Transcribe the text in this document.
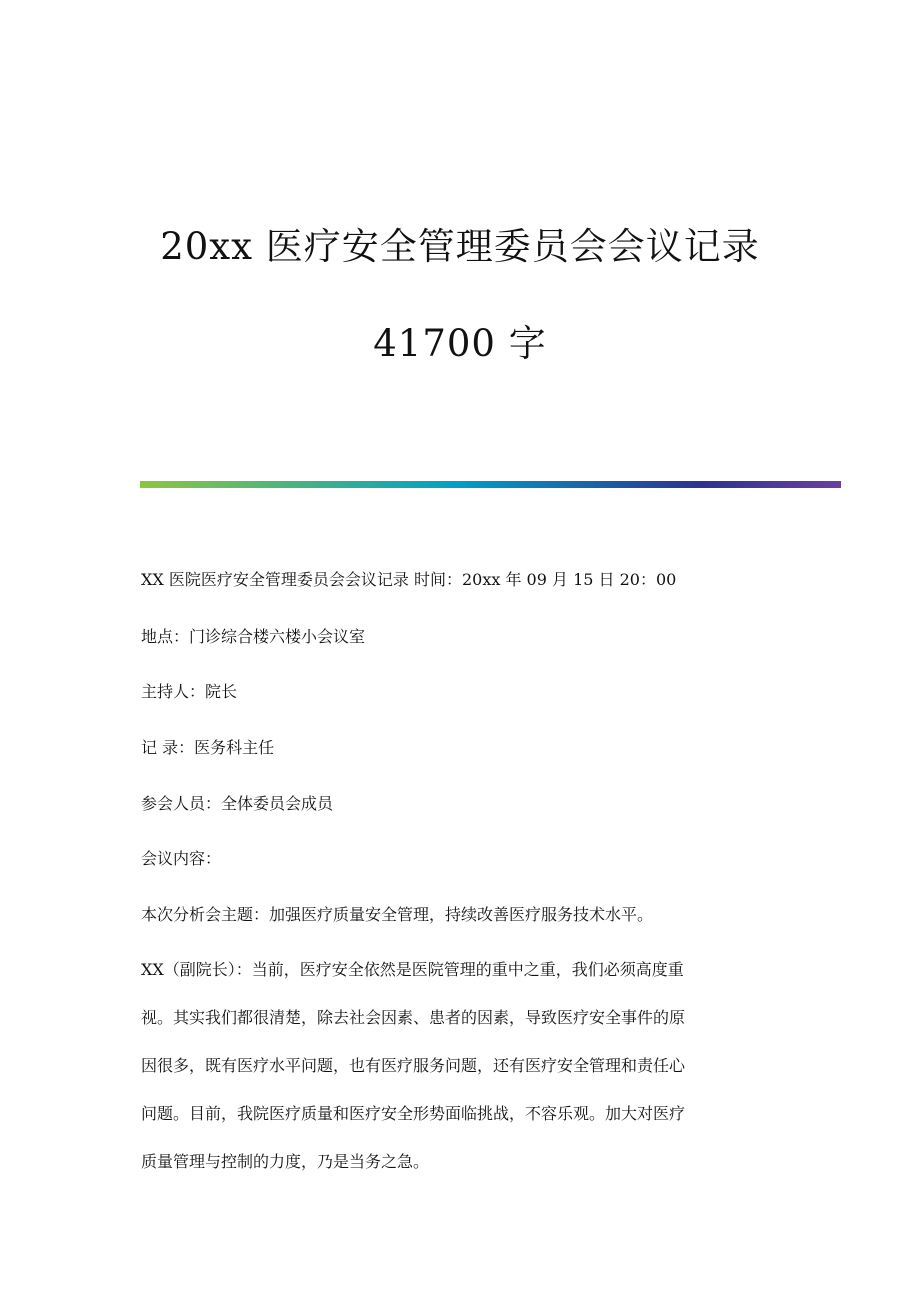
20xx 医疗安全管理委员会会议记录
41700 字
XX 医院医疗安全管理委员会会议记录 时间：20xx 年 09 月 15 日 20：00
地点：门诊综合楼六楼小会议室
主持人：院长
记 录：医务科主任
参会人员：全体委员会成员
会议内容：
本次分析会主题：加强医疗质量安全管理，持续改善医疗服务技术水平。
XX（副院长）：当前，医疗安全依然是医院管理的重中之重，我们必须高度重
视。其实我们都很清楚，除去社会因素、患者的因素，导致医疗安全事件的原
因很多，既有医疗水平问题，也有医疗服务问题，还有医疗安全管理和责任心
问题。目前，我院医疗质量和医疗安全形势面临挑战，不容乐观。加大对医疗
质量管理与控制的力度，乃是当务之急。
